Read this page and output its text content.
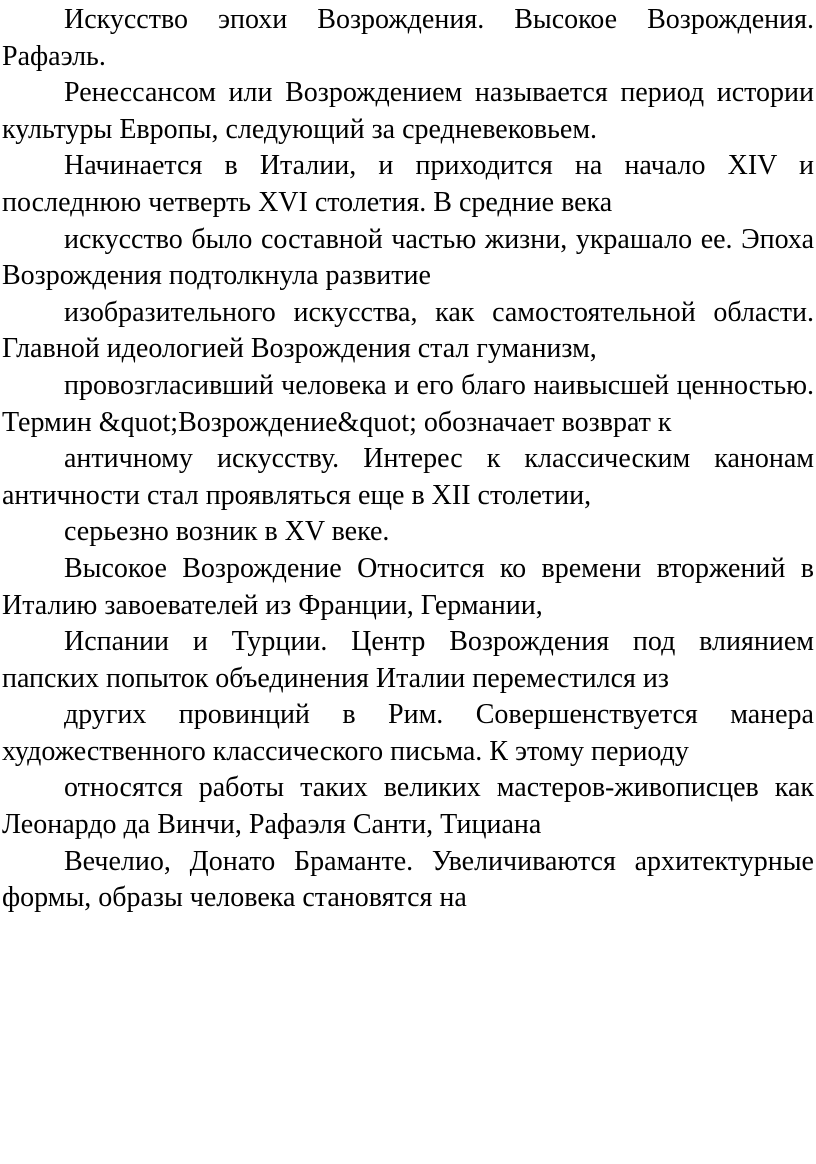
Искусство эпохи Возрождения. Высокое Возрождения. Рафаэль.

Ренессансом или Возрождением называется период истории культуры Европы, следующий за средневековьем.

Начинается в Италии, и приходится на начало XIV и последнюю четверть XVI столетия. В средние века

искусство было составной частью жизни, украшало ее. Эпоха Возрождения подтолкнула развитие

изобразительного искусства, как самостоятельной области. Главной идеологией Возрождения стал гуманизм,

провозгласивший человека и его благо наивысшей ценностью. Термин &quot;Возрождение&quot; обозначает возврат к

античному искусству. Интерес к классическим канонам античности стал проявляться еще в XII столетии,

серьезно возник в XV веке.

Высокое Возрождение Относится ко времени вторжений в Италию завоевателей из Франции, Германии,

Испании и Турции. Центр Возрождения под влиянием папских попыток объединения Италии переместился из

других провинций в Рим. Совершенствуется манера художественного классического письма. К этому периоду

относятся работы таких великих мастеров-живописцев как Леонардо да Винчи, Рафаэля Санти, Тициана

Вечелио, Донато Браманте. Увеличиваются архитектурные формы, образы человека становятся на
